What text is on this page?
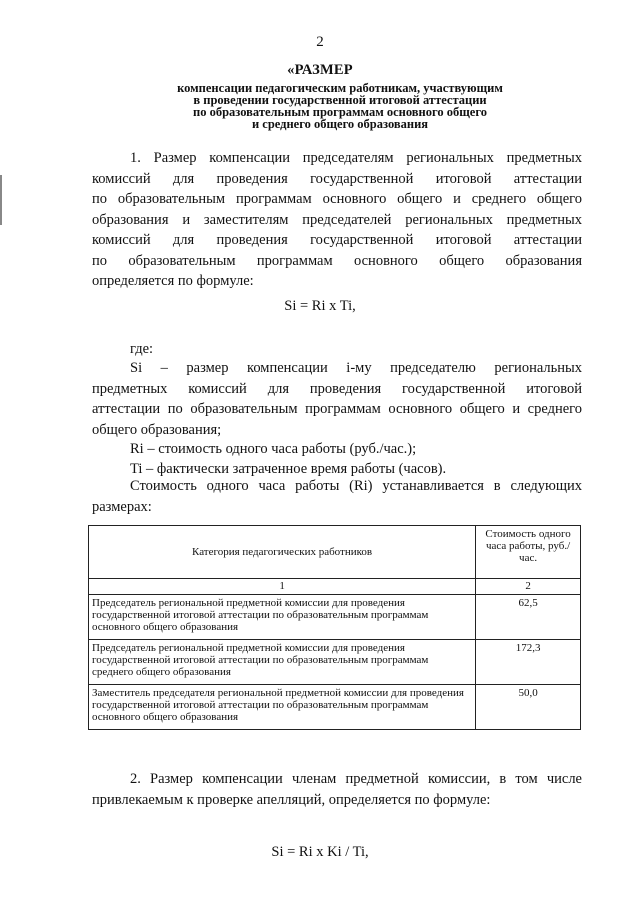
2
«РАЗМЕР
компенсации педагогическим работникам, участвующим
в проведении государственной итоговой аттестации
по образовательным программам основного общего
и среднего общего образования
1. Размер компенсации председателям региональных предметных
комиссий для проведения государственной итоговой аттестации
по образовательным программам основного общего и среднего общего
образования и заместителям председателей региональных предметных
комиссий для проведения государственной итоговой аттестации
по образовательным программам основного общего образования
определяется по формуле:
Si = Ri x Ti,
где:
Si – размер компенсации i-му председателю региональных
предметных комиссий для проведения государственной итоговой
аттестации по образовательным программам основного общего и среднего
общего образования;
Ri – стоимость одного часа работы (руб./час.);
Ti – фактически затраченное время работы (часов).
Стоимость одного часа работы (Ri) устанавливается в следующих
размерах:
Категория педагогических работников	Стоимость одного часа работы, руб./час.
1	2
Председатель региональной предметной комиссии для проведения государственной итоговой аттестации по образовательным программам основного общего образования	62,5
Председатель региональной предметной комиссии для проведения государственной итоговой аттестации по образовательным программам среднего общего образования	172,3
Заместитель председателя региональной предметной комиссии для проведения государственной итоговой аттестации по образовательным программам основного общего образования	50,0
2. Размер компенсации членам предметной комиссии, в том числе
привлекаемым к проверке апелляций, определяется по формуле:
Si = Ri x Ki / Ti,
